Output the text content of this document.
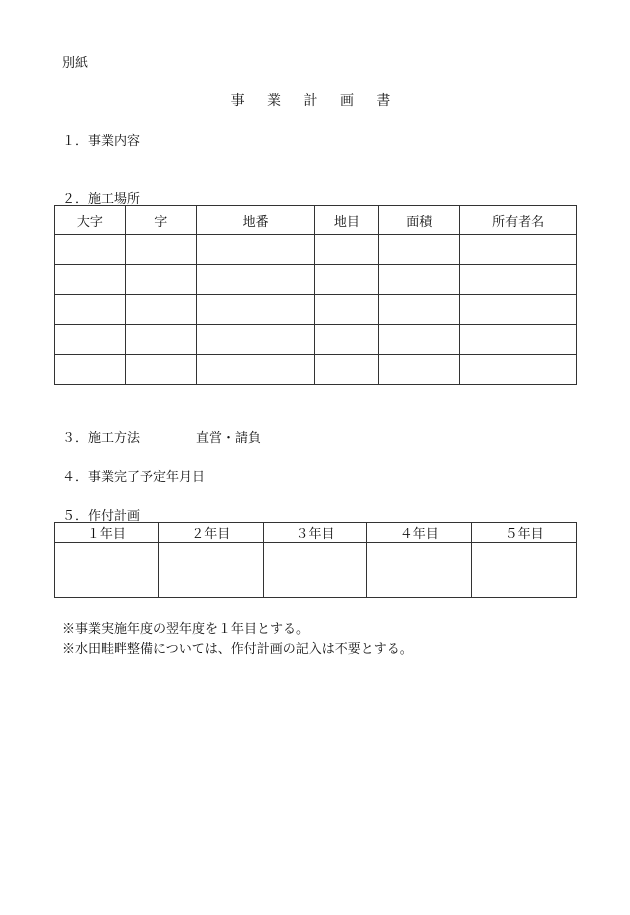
別紙
事 業 計 画 書
１．事業内容
２．施工場所
大字	字	地番	地目	面積	所有者名

３．施工方法	直営・請負
４．事業完了予定年月日
５．作付計画
１年目	２年目	３年目	４年目	５年目

※事業実施年度の翌年度を１年目とする。
※水田畦畔整備については、作付計画の記入は不要とする。
